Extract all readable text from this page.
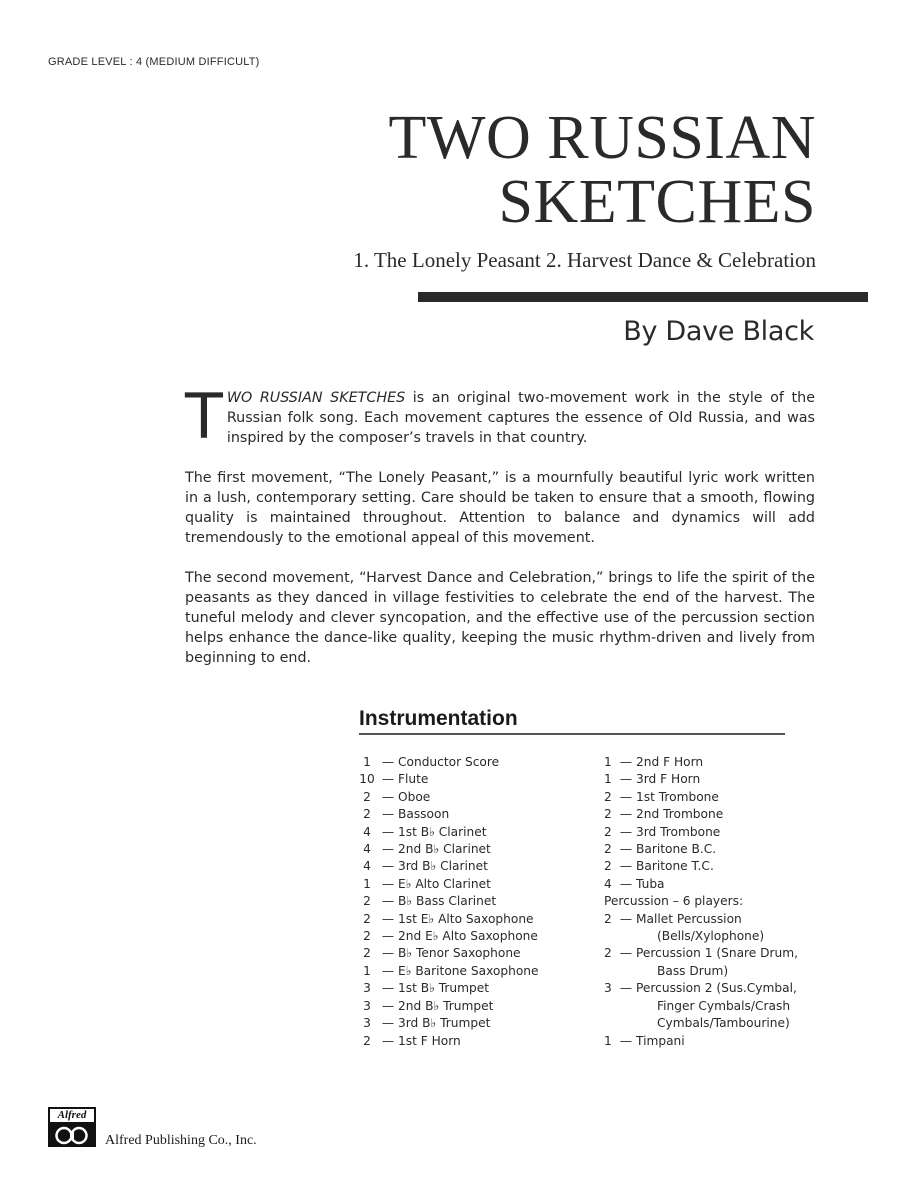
GRADE LEVEL : 4 (MEDIUM DIFFICULT)
TWO RUSSIAN
SKETCHES
1. The Lonely Peasant 2. Harvest Dance & Celebration
By Dave Black

TWO RUSSIAN SKETCHES is an original two-movement work in the style of the Russian folk song. Each movement captures the essence of Old Russia, and was inspired by the composer’s travels in that country.

The first movement, “The Lonely Peasant,” is a mournfully beautiful lyric work written in a lush, contemporary setting. Care should be taken to ensure that a smooth, flowing quality is maintained throughout. Attention to balance and dynamics will add tremendously to the emotional appeal of this movement.

The second movement, “Harvest Dance and Celebration,” brings to life the spirit of the peasants as they danced in village festivities to celebrate the end of the harvest. The tuneful melody and clever syncopation, and the effective use of the percussion section helps enhance the dance-like quality, keeping the music rhythm-driven and lively from beginning to end.

Instrumentation
1 — Conductor Score
10 — Flute
2 — Oboe
2 — Bassoon
4 — 1st B♭ Clarinet
4 — 2nd B♭ Clarinet
4 — 3rd B♭ Clarinet
1 — E♭ Alto Clarinet
2 — B♭ Bass Clarinet
2 — 1st E♭ Alto Saxophone
2 — 2nd E♭ Alto Saxophone
2 — B♭ Tenor Saxophone
1 — E♭ Baritone Saxophone
3 — 1st B♭ Trumpet
3 — 2nd B♭ Trumpet
3 — 3rd B♭ Trumpet
2 — 1st F Horn
1 — 2nd F Horn
1 — 3rd F Horn
2 — 1st Trombone
2 — 2nd Trombone
2 — 3rd Trombone
2 — Baritone B.C.
2 — Baritone T.C.
4 — Tuba
Percussion – 6 players:
2 — Mallet Percussion
(Bells/Xylophone)
2 — Percussion 1 (Snare Drum,
Bass Drum)
3 — Percussion 2 (Sus.Cymbal,
Finger Cymbals/Crash
Cymbals/Tambourine)
1 — Timpani
Alfred
Alfred Publishing Co., Inc.
